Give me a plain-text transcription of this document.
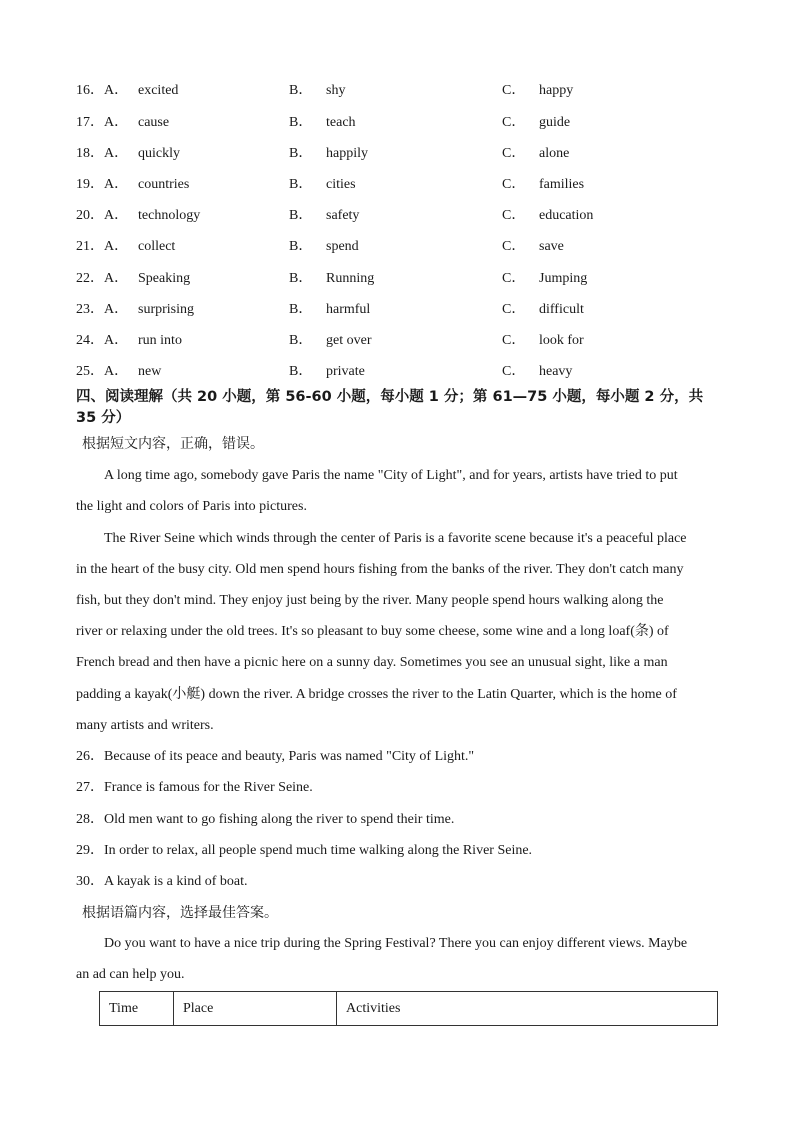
16． A． excited	B． shy	C． happy
17． A． cause	B． teach	C． guide
18． A． quickly	B． happily	C． alone
19． A． countries	B． cities	C． families
20． A． technology	B． safety	C． education
21． A． collect	B． spend	C． save
22． A． Speaking	B． Running	C． Jumping
23． A． surprising	B． harmful	C． difficult
24． A． run into	B． get over	C． look for
25． A． new	B． private	C． heavy
四、阅读理解（共 20 小题，第 56-60 小题，每小题 1 分；第 61—75 小题，每小题 2 分，共
35 分）
根据短文内容，正确，错误。
A long time ago, somebody gave Paris the name "City of Light", and for years, artists have tried to put
the light and colors of Paris into pictures.
The River Seine which winds through the center of Paris is a favorite scene because it's a peaceful place
in the heart of the busy city. Old men spend hours fishing from the banks of the river. They don't catch many
fish, but they don't mind. They enjoy just being by the river. Many people spend hours walking along the
river or relaxing under the old trees. It's so pleasant to buy some cheese, some wine and a long loaf(条) of
French bread and then have a picnic here on a sunny day. Sometimes you see an unusual sight, like a man
padding a kayak(小艇) down the river. A bridge crosses the river to the Latin Quarter, which is the home of
many artists and writers.
26．Because of its peace and beauty, Paris was named "City of Light."
27．France is famous for the River Seine.
28．Old men want to go fishing along the river to spend their time.
29．In order to relax, all people spend much time walking along the River Seine.
30．A kayak is a kind of boat.
根据语篇内容，选择最佳答案。
Do you want to have a nice trip during the Spring Festival? There you can enjoy different views. Maybe
an ad can help you.
Time	Place	Activities
